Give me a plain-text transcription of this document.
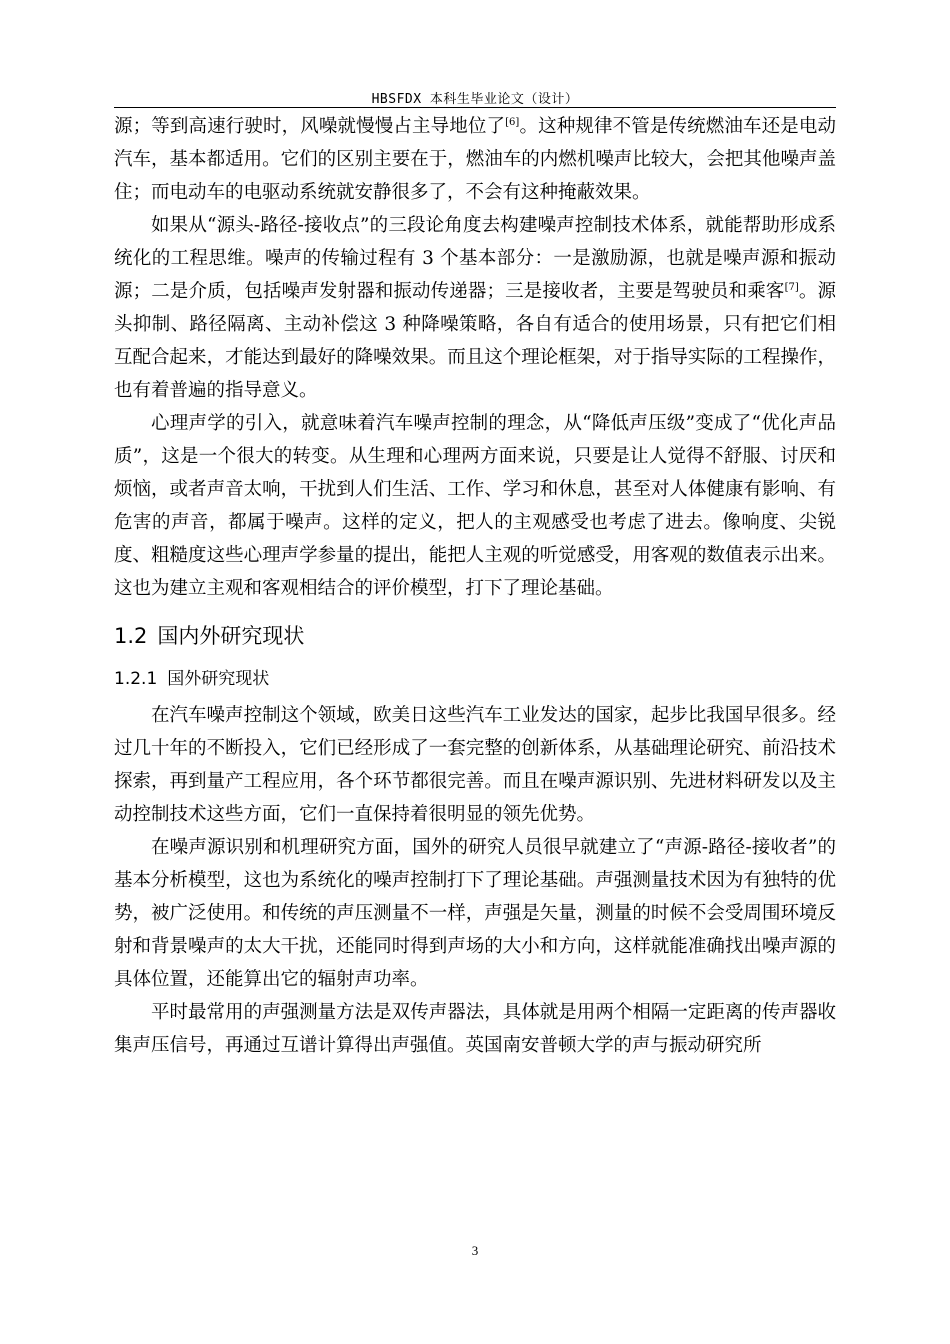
HBSFDX 本科生毕业论文（设计）

源；等到高速行驶时，风噪就慢慢占主导地位了[6]。这种规律不管是传统燃油车还是电动汽车，基本都适用。它们的区别主要在于，燃油车的内燃机噪声比较大，会把其他噪声盖住；而电动车的电驱动系统就安静很多了，不会有这种掩蔽效果。

如果从“源头-路径-接收点”的三段论角度去构建噪声控制技术体系，就能帮助形成系统化的工程思维。噪声的传输过程有 3 个基本部分：一是激励源，也就是噪声源和振动源；二是介质，包括噪声发射器和振动传递器；三是接收者，主要是驾驶员和乘客[7]。源头抑制、路径隔离、主动补偿这 3 种降噪策略，各自有适合的使用场景，只有把它们相互配合起来，才能达到最好的降噪效果。而且这个理论框架，对于指导实际的工程操作，也有着普遍的指导意义。

心理声学的引入，就意味着汽车噪声控制的理念，从“降低声压级”变成了“优化声品质”，这是一个很大的转变。从生理和心理两方面来说，只要是让人觉得不舒服、讨厌和烦恼，或者声音太响，干扰到人们生活、工作、学习和休息，甚至对人体健康有影响、有危害的声音，都属于噪声。这样的定义，把人的主观感受也考虑了进去。像响度、尖锐度、粗糙度这些心理声学参量的提出，能把人主观的听觉感受，用客观的数值表示出来。这也为建立主观和客观相结合的评价模型，打下了理论基础。

1.2 国内外研究现状
1.2.1 国外研究现状

在汽车噪声控制这个领域，欧美日这些汽车工业发达的国家，起步比我国早很多。经过几十年的不断投入，它们已经形成了一套完整的创新体系，从基础理论研究、前沿技术探索，再到量产工程应用，各个环节都很完善。而且在噪声源识别、先进材料研发以及主动控制技术这些方面，它们一直保持着很明显的领先优势。

在噪声源识别和机理研究方面，国外的研究人员很早就建立了“声源-路径-接收者”的基本分析模型，这也为系统化的噪声控制打下了理论基础。声强测量技术因为有独特的优势，被广泛使用。和传统的声压测量不一样，声强是矢量，测量的时候不会受周围环境反射和背景噪声的太大干扰，还能同时得到声场的大小和方向，这样就能准确找出噪声源的具体位置，还能算出它的辐射声功率。

平时最常用的声强测量方法是双传声器法，具体就是用两个相隔一定距离的传声器收集声压信号，再通过互谱计算得出声强值。英国南安普顿大学的声与振动研究所

3
